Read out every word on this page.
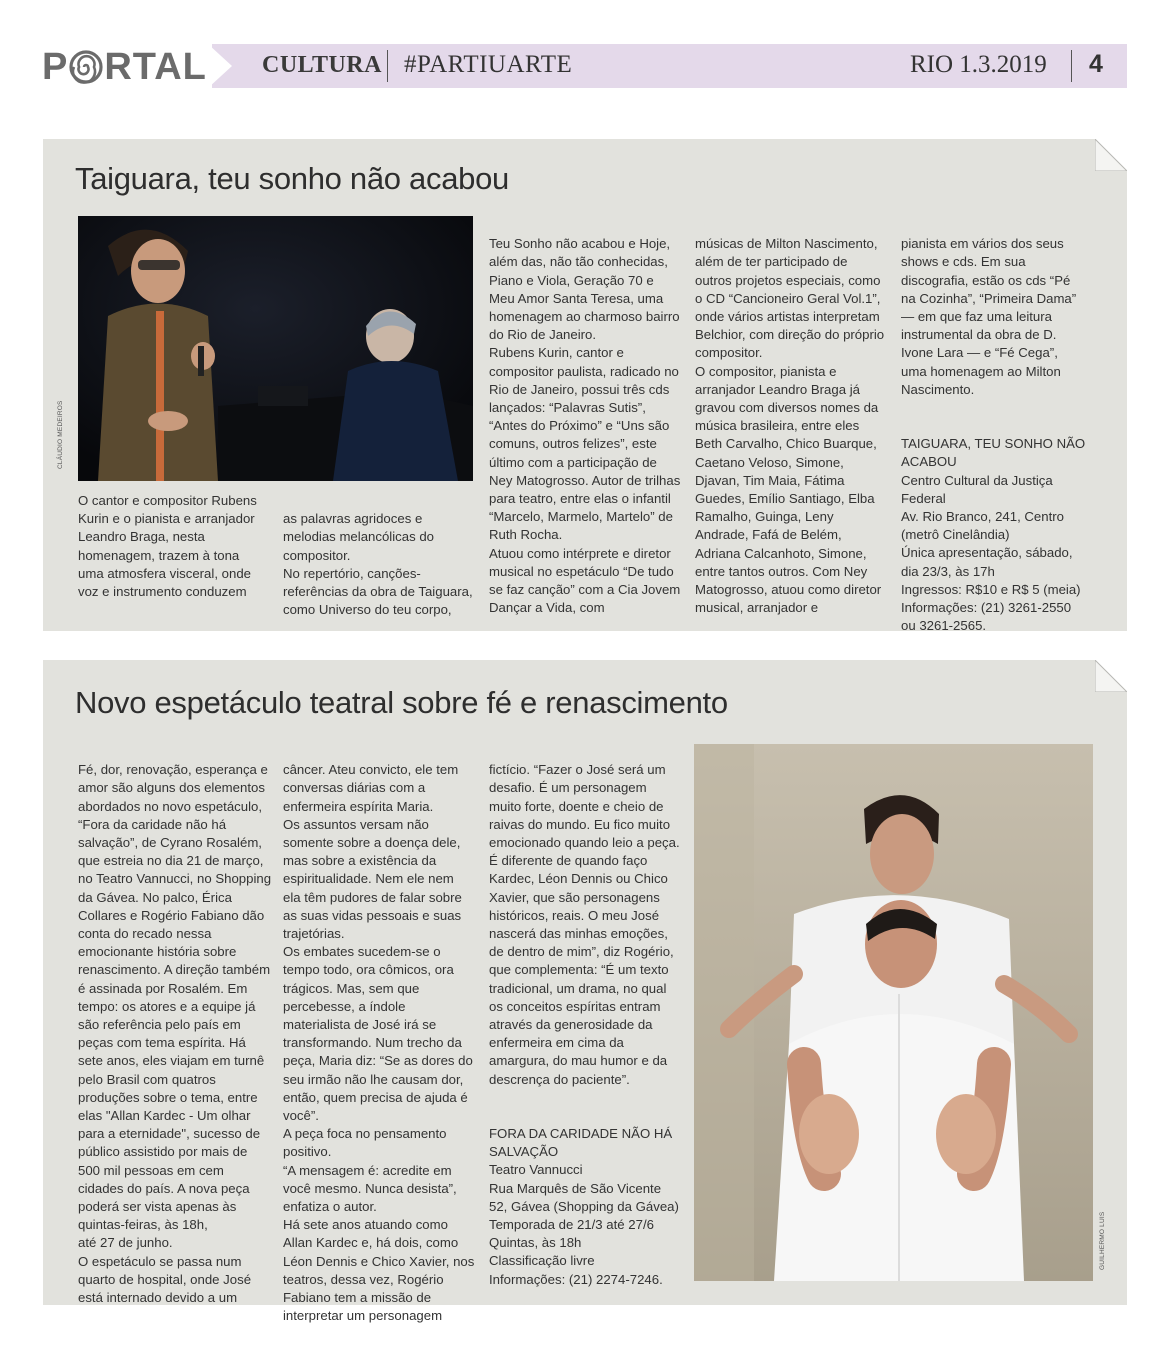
P RTAL CULTURA #PARTIUARTE	RIO 1.3.2019 4
Taiguara, teu sonho não acabou
CLÁUDIO MEDEIROS

O cantor e compositor Rubens Kurin e o pianista e arranjador Leandro Braga, nesta homenagem, trazem à tona uma atmosfera visceral, onde voz e instrumento conduzem

as palavras agridoces e melodias melancólicas do compositor.
No repertório, canções-referências da obra de Taiguara, como Universo do teu corpo,

Teu Sonho não acabou e Hoje, além das, não tão conhecidas, Piano e Viola, Geração 70 e Meu Amor Santa Teresa, uma homenagem ao charmoso bairro do Rio de Janeiro.
Rubens Kurin, cantor e compositor paulista, radicado no Rio de Janeiro, possui três cds lançados: “Palavras Sutis”, “Antes do Próximo” e “Uns são comuns, outros felizes”, este último com a participação de Ney Matogrosso. Autor de trilhas para teatro, entre elas o infantil “Marcelo, Marmelo, Martelo” de Ruth Rocha.
Atuou como intérprete e diretor musical no espetáculo “De tudo se faz canção” com a Cia Jovem Dançar a Vida, com

músicas de Milton Nascimento, além de ter participado de outros projetos especiais, como o CD “Cancioneiro Geral Vol.1”, onde vários artistas interpretam Belchior, com direção do próprio compositor.
O compositor, pianista e arranjador Leandro Braga já gravou com diversos nomes da música brasileira, entre eles Beth Carvalho, Chico Buarque, Caetano Veloso, Simone, Djavan, Tim Maia, Fátima Guedes, Emílio Santiago, Elba Ramalho, Guinga, Leny Andrade, Fafá de Belém, Adriana Calcanhoto, Simone, entre tantos outros. Com Ney Matogrosso, atuou como diretor musical, arranjador e

pianista em vários dos seus shows e cds. Em sua discografia, estão os cds “Pé na Cozinha”, “Primeira Dama” — em que faz uma leitura instrumental da obra de D. Ivone Lara — e “Fé Cega”, uma homenagem ao Milton Nascimento.

TAIGUARA, TEU SONHO NÃO ACABOU
Centro Cultural da Justiça Federal
Av. Rio Branco, 241, Centro (metrô Cinelândia)
Única apresentação, sábado, dia 23/3, às 17h
Ingressos: R$10 e R$ 5 (meia)
Informações: (21) 3261-2550 ou 3261-2565.

Novo espetáculo teatral sobre fé e renascimento

Fé, dor, renovação, esperança e amor são alguns dos elementos abordados no novo espetáculo, “Fora da caridade não há salvação”, de Cyrano Rosalém, que estreia no dia 21 de março, no Teatro Vannucci, no Shopping da Gávea. No palco, Érica Collares e Rogério Fabiano dão conta do recado nessa emocionante história sobre renascimento. A direção também é assinada por Rosalém. Em tempo: os atores e a equipe já são referência pelo país em peças com tema espírita. Há sete anos, eles viajam em turnê pelo Brasil com quatros produções sobre o tema, entre elas "Allan Kardec - Um olhar para a eternidade", sucesso de público assistido por mais de 500 mil pessoas em cem cidades do país. A nova peça poderá ser vista apenas às quintas-feiras, às 18h,
até 27 de junho.
O espetáculo se passa num quarto de hospital, onde José está internado devido a um

câncer. Ateu convicto, ele tem conversas diárias com a enfermeira espírita Maria.
Os assuntos versam não somente sobre a doença dele, mas sobre a existência da espiritualidade. Nem ele nem ela têm pudores de falar sobre as suas vidas pessoais e suas trajetórias.
Os embates sucedem-se o tempo todo, ora cômicos, ora trágicos. Mas, sem que percebesse, a índole materialista de José irá se transformando. Num trecho da peça, Maria diz: “Se as dores do seu irmão não lhe causam dor, então, quem precisa de ajuda é você”.
A peça foca no pensamento positivo.
“A mensagem é: acredite em você mesmo. Nunca desista”, enfatiza o autor.
Há sete anos atuando como Allan Kardec e, há dois, como Léon Dennis e Chico Xavier, nos teatros, dessa vez, Rogério Fabiano tem a missão de interpretar um personagem

fictício. “Fazer o José será um desafio. É um personagem muito forte, doente e cheio de raivas do mundo. Eu fico muito emocionado quando leio a peça. É diferente de quando faço Kardec, Léon Dennis ou Chico Xavier, que são personagens históricos, reais. O meu José nascerá das minhas emoções, de dentro de mim”, diz Rogério, que complementa: “É um texto tradicional, um drama, no qual os conceitos espíritas entram através da generosidade da enfermeira em cima da amargura, do mau humor e da descrença do paciente”.

FORA DA CARIDADE NÃO HÁ SALVAÇÃO
Teatro Vannucci
Rua Marquês de São Vicente 52, Gávea (Shopping da Gávea)
Temporada de 21/3 até 27/6
Quintas, às 18h
Classificação livre
Informações: (21) 2274-7246.

GUILHERMO LUIS
